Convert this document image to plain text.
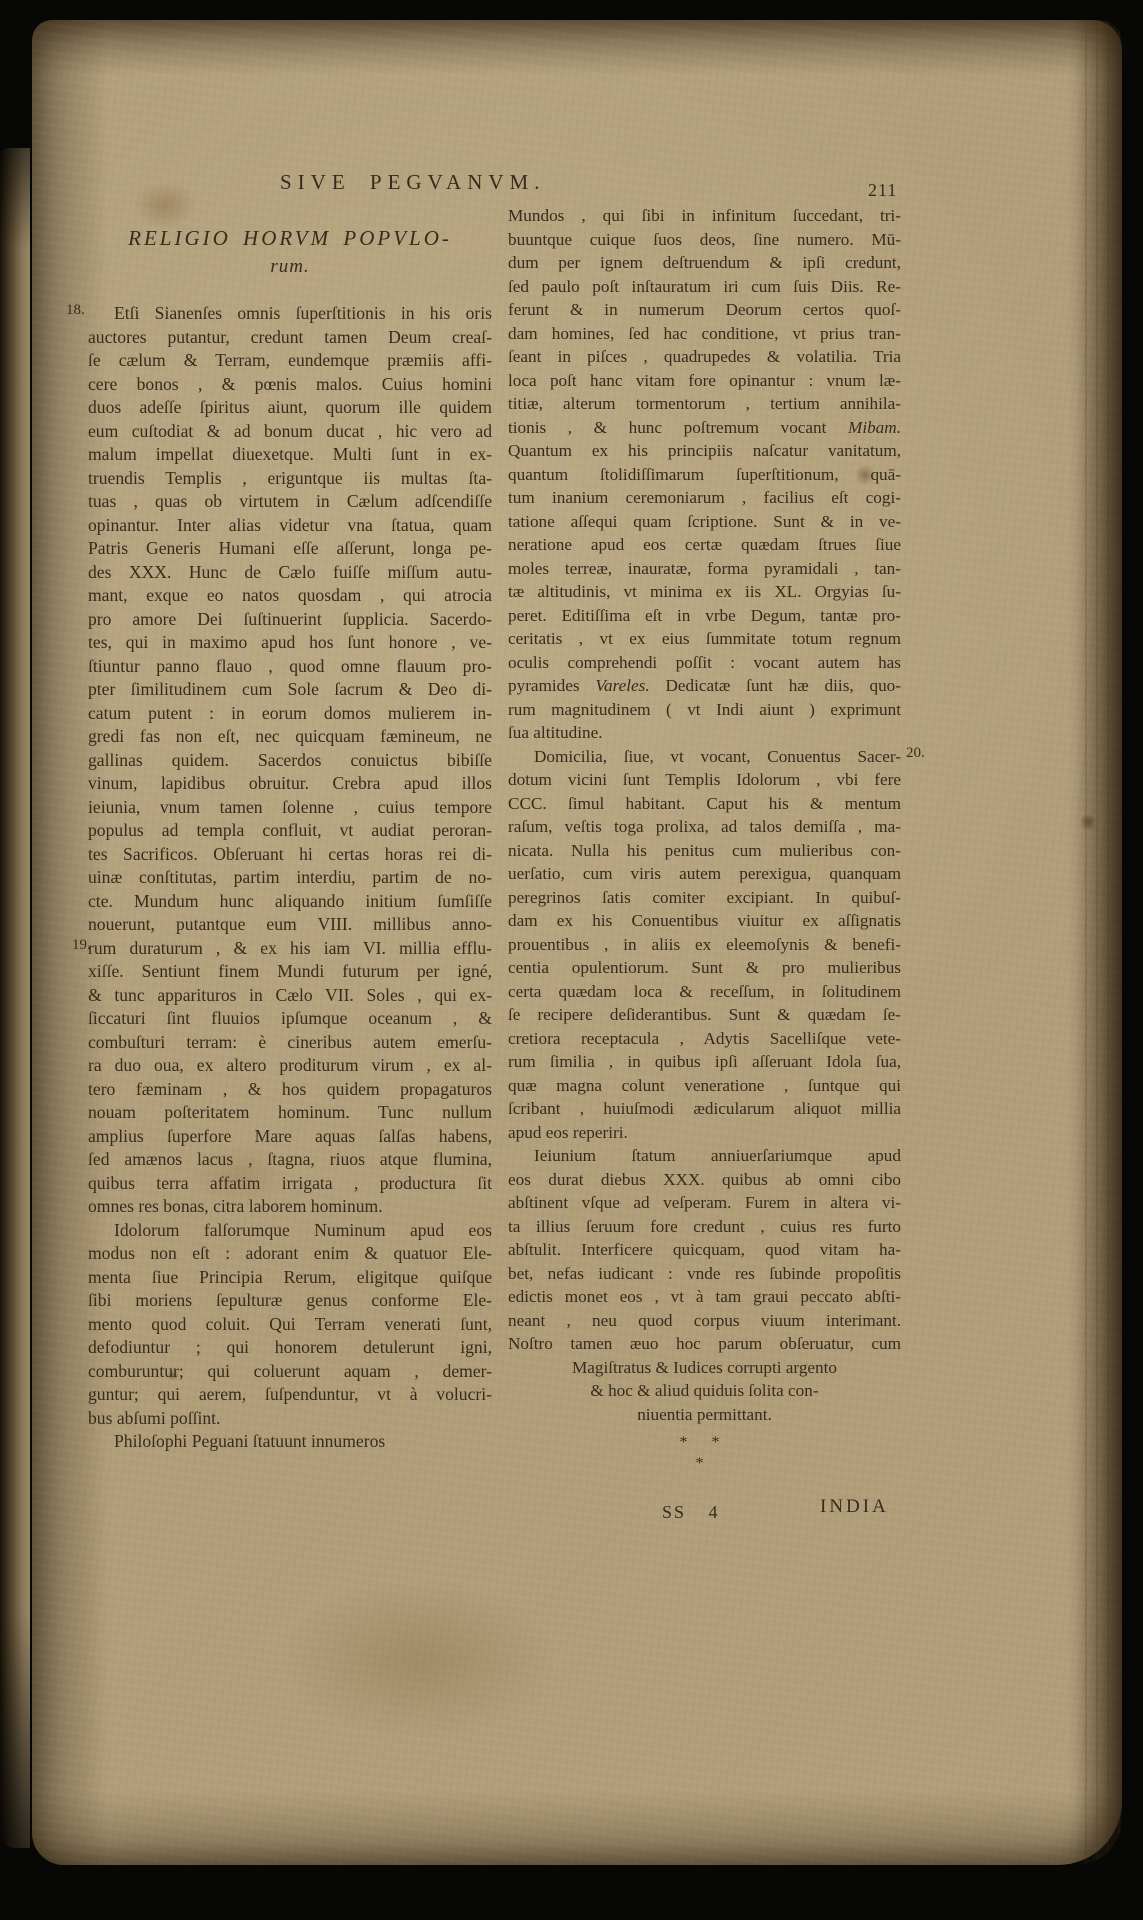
SIVE PEGVANVM.	211
RELIGIO HORVM POPVLO-
rum.
18.
19.
20.
Etſi Sianenſes omnis ſuperſtitionis in his oris
auctores putantur, credunt tamen Deum creaſ-
ſe cælum & Terram, eundemque præmiis affi-
cere bonos , & pœnis malos. Cuius homini
duos adeſſe ſpiritus aiunt, quorum ille quidem
eum cuſtodiat & ad bonum ducat , hic vero ad
malum impellat diuexetque. Multi ſunt in ex-
truendis Templis , eriguntque iis multas ſta-
tuas , quas ob virtutem in Cælum adſcendiſſe
opinantur. Inter alias videtur vna ſtatua, quam
Patris Generis Humani eſſe aſſerunt, longa pe-
des XXX. Hunc de Cælo fuiſſe miſſum autu-
mant, exque eo natos quosdam , qui atrocia
pro amore Dei ſuſtinuerint ſupplicia. Sacerdo-
tes, qui in maximo apud hos ſunt honore , ve-
ſtiuntur panno flauo , quod omne flauum pro-
pter ſimilitudinem cum Sole ſacrum & Deo di-
catum putent : in eorum domos mulierem in-
gredi fas non eſt, nec quicquam fæmineum, ne
gallinas quidem. Sacerdos conuictus bibiſſe
vinum, lapidibus obruitur. Crebra apud illos
ieiunia, vnum tamen ſolenne , cuius tempore
populus ad templa confluit, vt audiat peroran-
tes Sacrificos. Obſeruant hi certas horas rei di-
uinæ conſtitutas, partim interdiu, partim de no-
cte. Mundum hunc aliquando initium ſumſiſſe
nouerunt, putantque eum VIII. millibus anno-
rum duraturum , & ex his iam VI. millia efflu-
xiſſe. Sentiunt finem Mundi futurum per igné,
& tunc apparituros in Cælo VII. Soles , qui ex-
ſiccaturi ſint fluuios ipſumque oceanum , &
combuſturi terram: è cineribus autem emerſu-
ra duo oua, ex altero proditurum virum , ex al-
tero fæminam , & hos quidem propagaturos
nouam poſteritatem hominum. Tunc nullum
amplius ſuperfore Mare aquas ſalſas habens,
ſed amænos lacus , ſtagna, riuos atque flumina,
quibus terra affatim irrigata , productura ſit
omnes res bonas, citra laborem hominum.
Idolorum falſorumque Numinum apud eos
modus non eſt : adorant enim & quatuor Ele-
menta ſiue Principia Rerum, eligitque quiſque
ſibi moriens ſepulturæ genus conforme Ele-
mento quod coluit. Qui Terram venerati ſunt,
defodiuntur ; qui honorem detulerunt igni,
comburuntur; qui coluerunt aquam , demer-
guntur; qui aerem, ſuſpenduntur, vt à volucri-
bus abſumi poſſint.
Philoſophi Peguani ſtatuunt innumeros
Mundos , qui ſibi in infinitum ſuccedant, tri-
buuntque cuique ſuos deos, ſine numero. Mū-
dum per ignem deſtruendum & ipſi credunt,
ſed paulo poſt inſtauratum iri cum ſuis Diis. Re-
ferunt & in numerum Deorum certos quoſ-
dam homines, ſed hac conditione, vt prius tran-
ſeant in piſces , quadrupedes & volatilia. Tria
loca poſt hanc vitam fore opinantur : vnum læ-
titiæ, alterum tormentorum , tertium annihila-
tionis , & hunc poſtremum vocant Mibam.
Quantum ex his principiis naſcatur vanitatum,
quantum ſtolidiſſimarum ſuperſtitionum, quā-
tum inanium ceremoniarum , facilius eſt cogi-
tatione aſſequi quam ſcriptione. Sunt & in ve-
neratione apud eos certæ quædam ſtrues ſiue
moles terreæ, inauratæ, forma pyramidali , tan-
tæ altitudinis, vt minima ex iis XL. Orgyias ſu-
peret. Editiſſima eſt in vrbe Degum, tantæ pro-
ceritatis , vt ex eius ſummitate totum regnum
oculis comprehendi poſſit : vocant autem has
pyramides Vareles. Dedicatæ ſunt hæ diis, quo-
rum magnitudinem ( vt Indi aiunt ) exprimunt
ſua altitudine.
Domicilia, ſiue, vt vocant, Conuentus Sacer-
dotum vicini ſunt Templis Idolorum , vbi fere
CCC. ſimul habitant. Caput his & mentum
raſum, veſtis toga prolixa, ad talos demiſſa , ma-
nicata. Nulla his penitus cum mulieribus con-
uerſatio, cum viris autem perexigua, quanquam
peregrinos ſatis comiter excipiant. In quibuſ-
dam ex his Conuentibus viuitur ex aſſignatis
prouentibus , in aliis ex eleemoſynis & benefi-
centia opulentiorum. Sunt & pro mulieribus
certa quædam loca & receſſum, in ſolitudinem
ſe recipere deſiderantibus. Sunt & quædam ſe-
cretiora receptacula , Adytis Sacelliſque vete-
rum ſimilia , in quibus ipſi aſſeruant Idola ſua,
quæ magna colunt veneratione , ſuntque qui
ſcribant , huiuſmodi ædicularum aliquot millia
apud eos reperiri.
Ieiunium ſtatum anniuerſariumque apud
eos durat diebus XXX. quibus ab omni cibo
abſtinent vſque ad veſperam. Furem in altera vi-
ta illius ſeruum fore credunt , cuius res furto
abſtulit. Interficere quicquam, quod vitam ha-
bet, nefas iudicant : vnde res ſubinde propoſitis
edictis monet eos , vt à tam graui peccato abſti-
neant , neu quod corpus viuum interimant.
Noſtro tamen æuo hoc parum obſeruatur, cum
Magiſtratus & Iudices corrupti argento
& hoc & aliud quiduis ſolita con-
niuentia permittant.
* *
*
SS 4	INDIA
